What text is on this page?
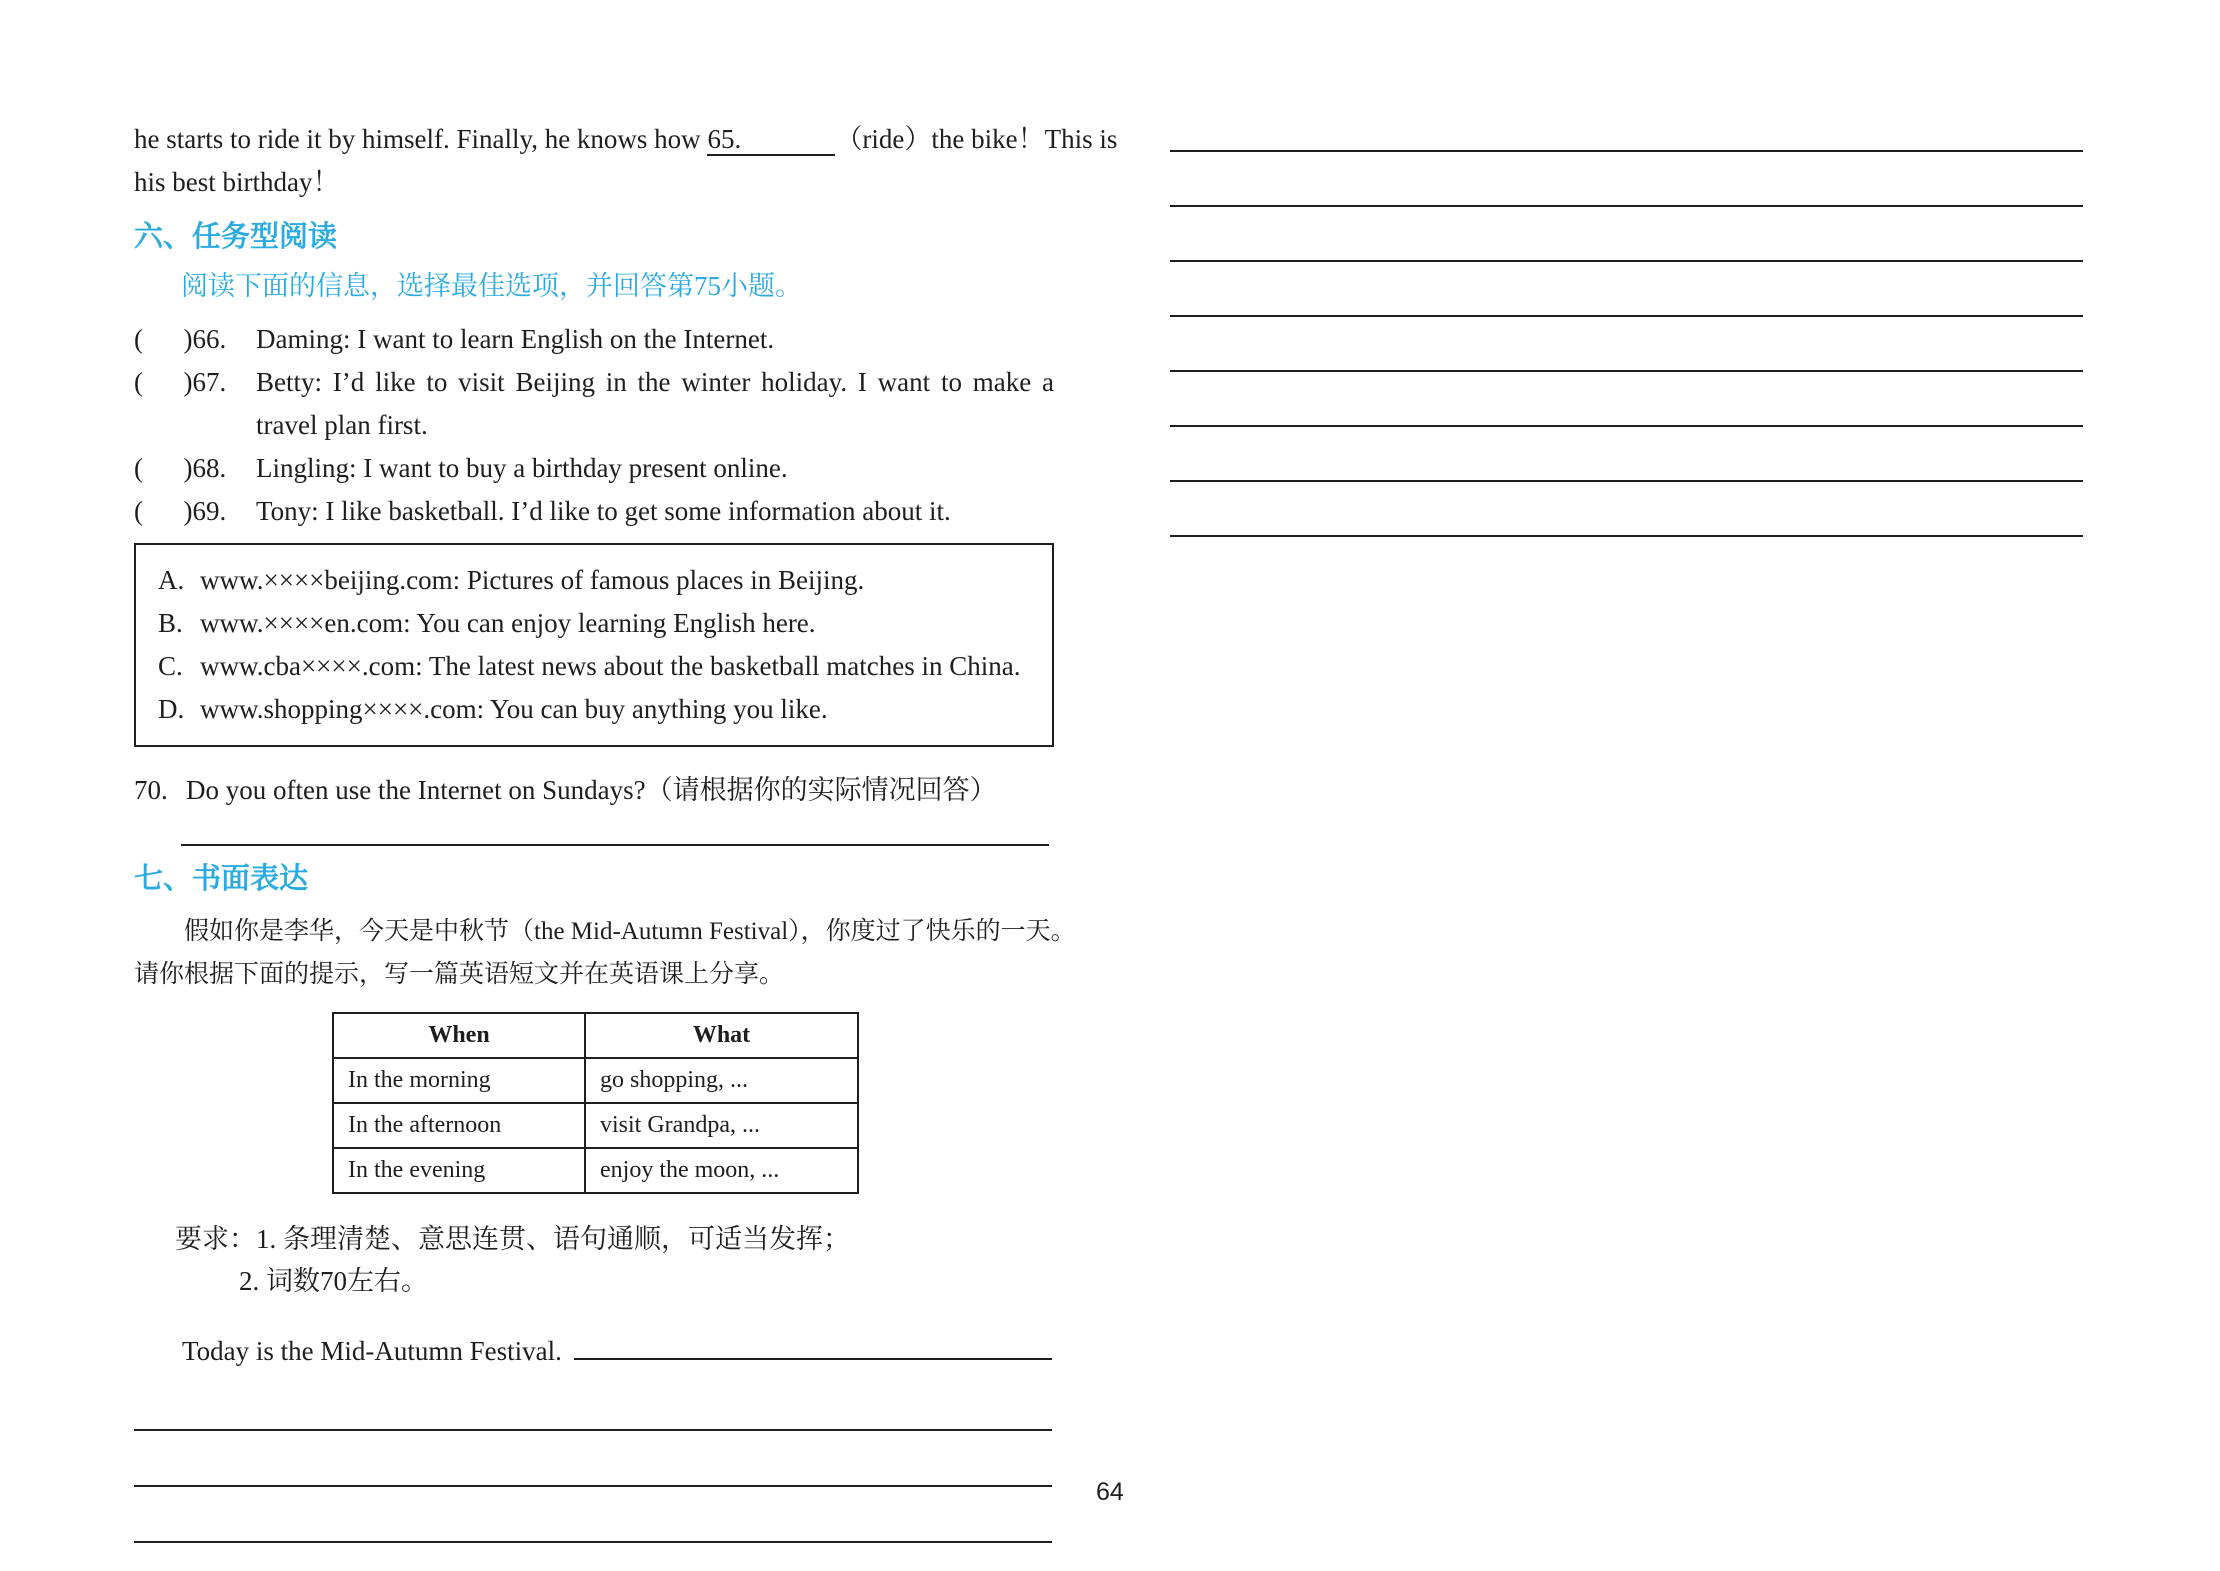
he starts to ride it by himself. Finally, he knows how 65.	（ride）the bike！This is
his best birthday！
六、任务型阅读
阅读下面的信息，选择最佳选项，并回答第75小题。
(      )66.	Daming: I want to learn English on the Internet.
(      )67.	Betty: I’d like to visit Beijing in the winter holiday. I want to make a travel plan first.
(      )68.	Lingling: I want to buy a birthday present online.
(      )69.	Tony: I like basketball. I’d like to get some information about it.
A. www.××××beijing.com: Pictures of famous places in Beijing.
B. www.××××en.com: You can enjoy learning English here.
C. www.cba××××.com: The latest news about the basketball matches in China.
D. www.shopping××××.com: You can buy anything you like.
70. Do you often use the Internet on Sundays?（请根据你的实际情况回答）
七、书面表达
假如你是李华，今天是中秋节（the Mid-Autumn Festival），你度过了快乐的一天。
请你根据下面的提示，写一篇英语短文并在英语课上分享。
When	What
In the morning	go shopping, ...
In the afternoon	visit Grandpa, ...
In the evening	enjoy the moon, ...
要求：1. 条理清楚、意思连贯、语句通顺，可适当发挥；
2. 词数70左右。
Today is the Mid-Autumn Festival.
64
